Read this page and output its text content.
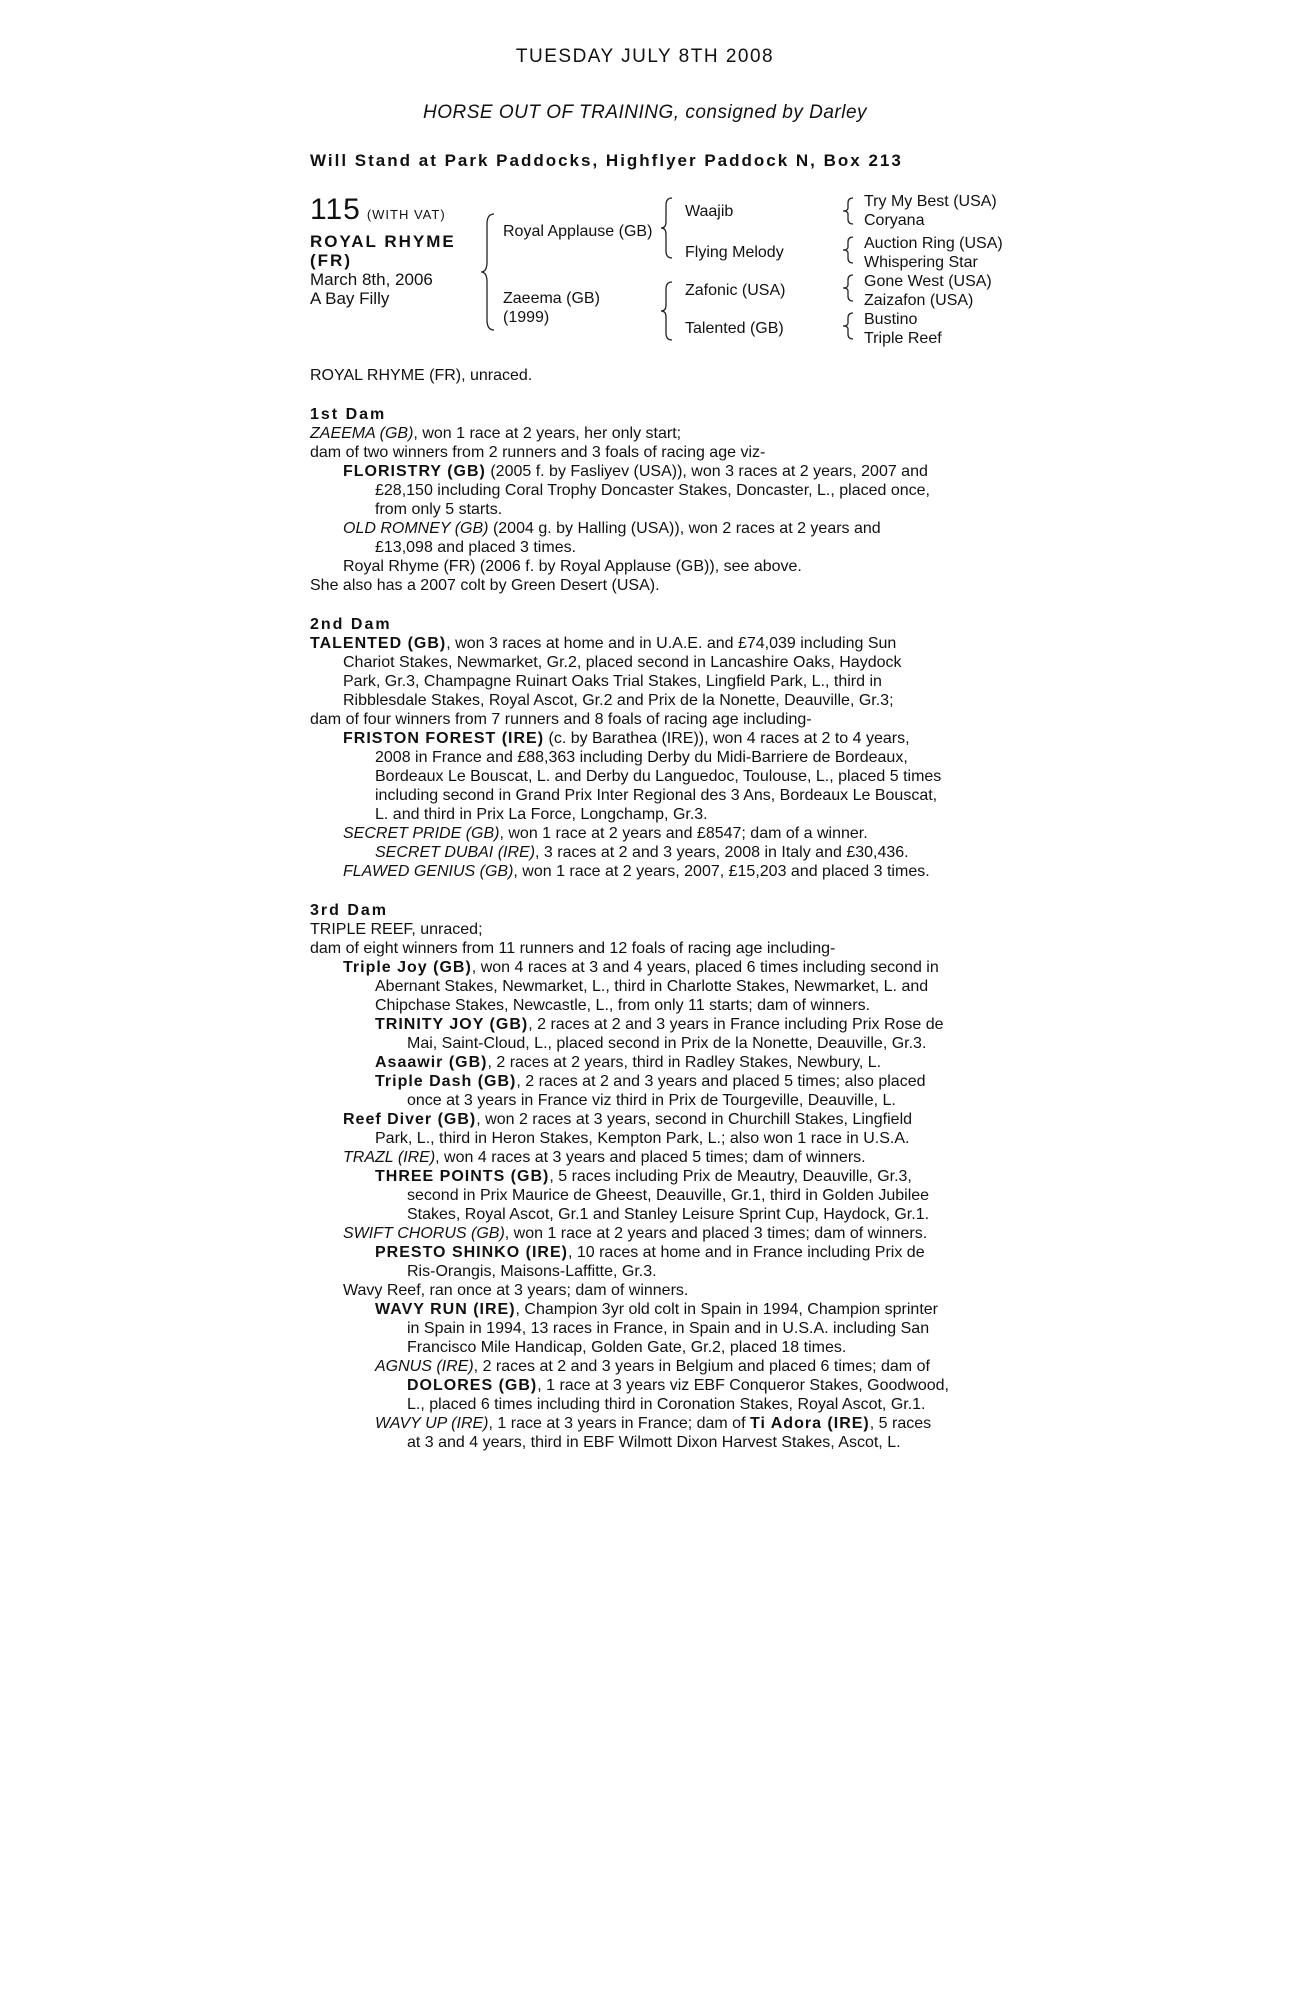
TUESDAY JULY 8TH 2008
HORSE OUT OF TRAINING, consigned by Darley
Will Stand at Park Paddocks, Highflyer Paddock N, Box 213
115 (WITH VAT)
ROYAL RHYME
(FR)
March 8th, 2006
A Bay Filly
Royal Applause (GB)
Zaeema (GB)
(1999)
Waajib
Flying Melody
Zafonic (USA)
Talented (GB)
Try My Best (USA)
Coryana
Auction Ring (USA)
Whispering Star
Gone West (USA)
Zaizafon (USA)
Bustino
Triple Reef
ROYAL RHYME (FR), unraced.
1st Dam
ZAEEMA (GB), won 1 race at 2 years, her only start;
dam of two winners from 2 runners and 3 foals of racing age viz-
FLORISTRY (GB) (2005 f. by Fasliyev (USA)), won 3 races at 2 years, 2007 and
£28,150 including Coral Trophy Doncaster Stakes, Doncaster, L., placed once,
from only 5 starts.
OLD ROMNEY (GB) (2004 g. by Halling (USA)), won 2 races at 2 years and
£13,098 and placed 3 times.
Royal Rhyme (FR) (2006 f. by Royal Applause (GB)), see above.
She also has a 2007 colt by Green Desert (USA).
2nd Dam
TALENTED (GB), won 3 races at home and in U.A.E. and £74,039 including Sun
Chariot Stakes, Newmarket, Gr.2, placed second in Lancashire Oaks, Haydock
Park, Gr.3, Champagne Ruinart Oaks Trial Stakes, Lingfield Park, L., third in
Ribblesdale Stakes, Royal Ascot, Gr.2 and Prix de la Nonette, Deauville, Gr.3;
dam of four winners from 7 runners and 8 foals of racing age including-
FRISTON FOREST (IRE) (c. by Barathea (IRE)), won 4 races at 2 to 4 years,
2008 in France and £88,363 including Derby du Midi-Barriere de Bordeaux,
Bordeaux Le Bouscat, L. and Derby du Languedoc, Toulouse, L., placed 5 times
including second in Grand Prix Inter Regional des 3 Ans, Bordeaux Le Bouscat,
L. and third in Prix La Force, Longchamp, Gr.3.
SECRET PRIDE (GB), won 1 race at 2 years and £8547; dam of a winner.
SECRET DUBAI (IRE), 3 races at 2 and 3 years, 2008 in Italy and £30,436.
FLAWED GENIUS (GB), won 1 race at 2 years, 2007, £15,203 and placed 3 times.
3rd Dam
TRIPLE REEF, unraced;
dam of eight winners from 11 runners and 12 foals of racing age including-
Triple Joy (GB), won 4 races at 3 and 4 years, placed 6 times including second in
Abernant Stakes, Newmarket, L., third in Charlotte Stakes, Newmarket, L. and
Chipchase Stakes, Newcastle, L., from only 11 starts; dam of winners.
TRINITY JOY (GB), 2 races at 2 and 3 years in France including Prix Rose de
Mai, Saint-Cloud, L., placed second in Prix de la Nonette, Deauville, Gr.3.
Asaawir (GB), 2 races at 2 years, third in Radley Stakes, Newbury, L.
Triple Dash (GB), 2 races at 2 and 3 years and placed 5 times; also placed
once at 3 years in France viz third in Prix de Tourgeville, Deauville, L.
Reef Diver (GB), won 2 races at 3 years, second in Churchill Stakes, Lingfield
Park, L., third in Heron Stakes, Kempton Park, L.; also won 1 race in U.S.A.
TRAZL (IRE), won 4 races at 3 years and placed 5 times; dam of winners.
THREE POINTS (GB), 5 races including Prix de Meautry, Deauville, Gr.3,
second in Prix Maurice de Gheest, Deauville, Gr.1, third in Golden Jubilee
Stakes, Royal Ascot, Gr.1 and Stanley Leisure Sprint Cup, Haydock, Gr.1.
SWIFT CHORUS (GB), won 1 race at 2 years and placed 3 times; dam of winners.
PRESTO SHINKO (IRE), 10 races at home and in France including Prix de
Ris-Orangis, Maisons-Laffitte, Gr.3.
Wavy Reef, ran once at 3 years; dam of winners.
WAVY RUN (IRE), Champion 3yr old colt in Spain in 1994, Champion sprinter
in Spain in 1994, 13 races in France, in Spain and in U.S.A. including San
Francisco Mile Handicap, Golden Gate, Gr.2, placed 18 times.
AGNUS (IRE), 2 races at 2 and 3 years in Belgium and placed 6 times; dam of
DOLORES (GB), 1 race at 3 years viz EBF Conqueror Stakes, Goodwood,
L., placed 6 times including third in Coronation Stakes, Royal Ascot, Gr.1.
WAVY UP (IRE), 1 race at 3 years in France; dam of Ti Adora (IRE), 5 races
at 3 and 4 years, third in EBF Wilmott Dixon Harvest Stakes, Ascot, L.
